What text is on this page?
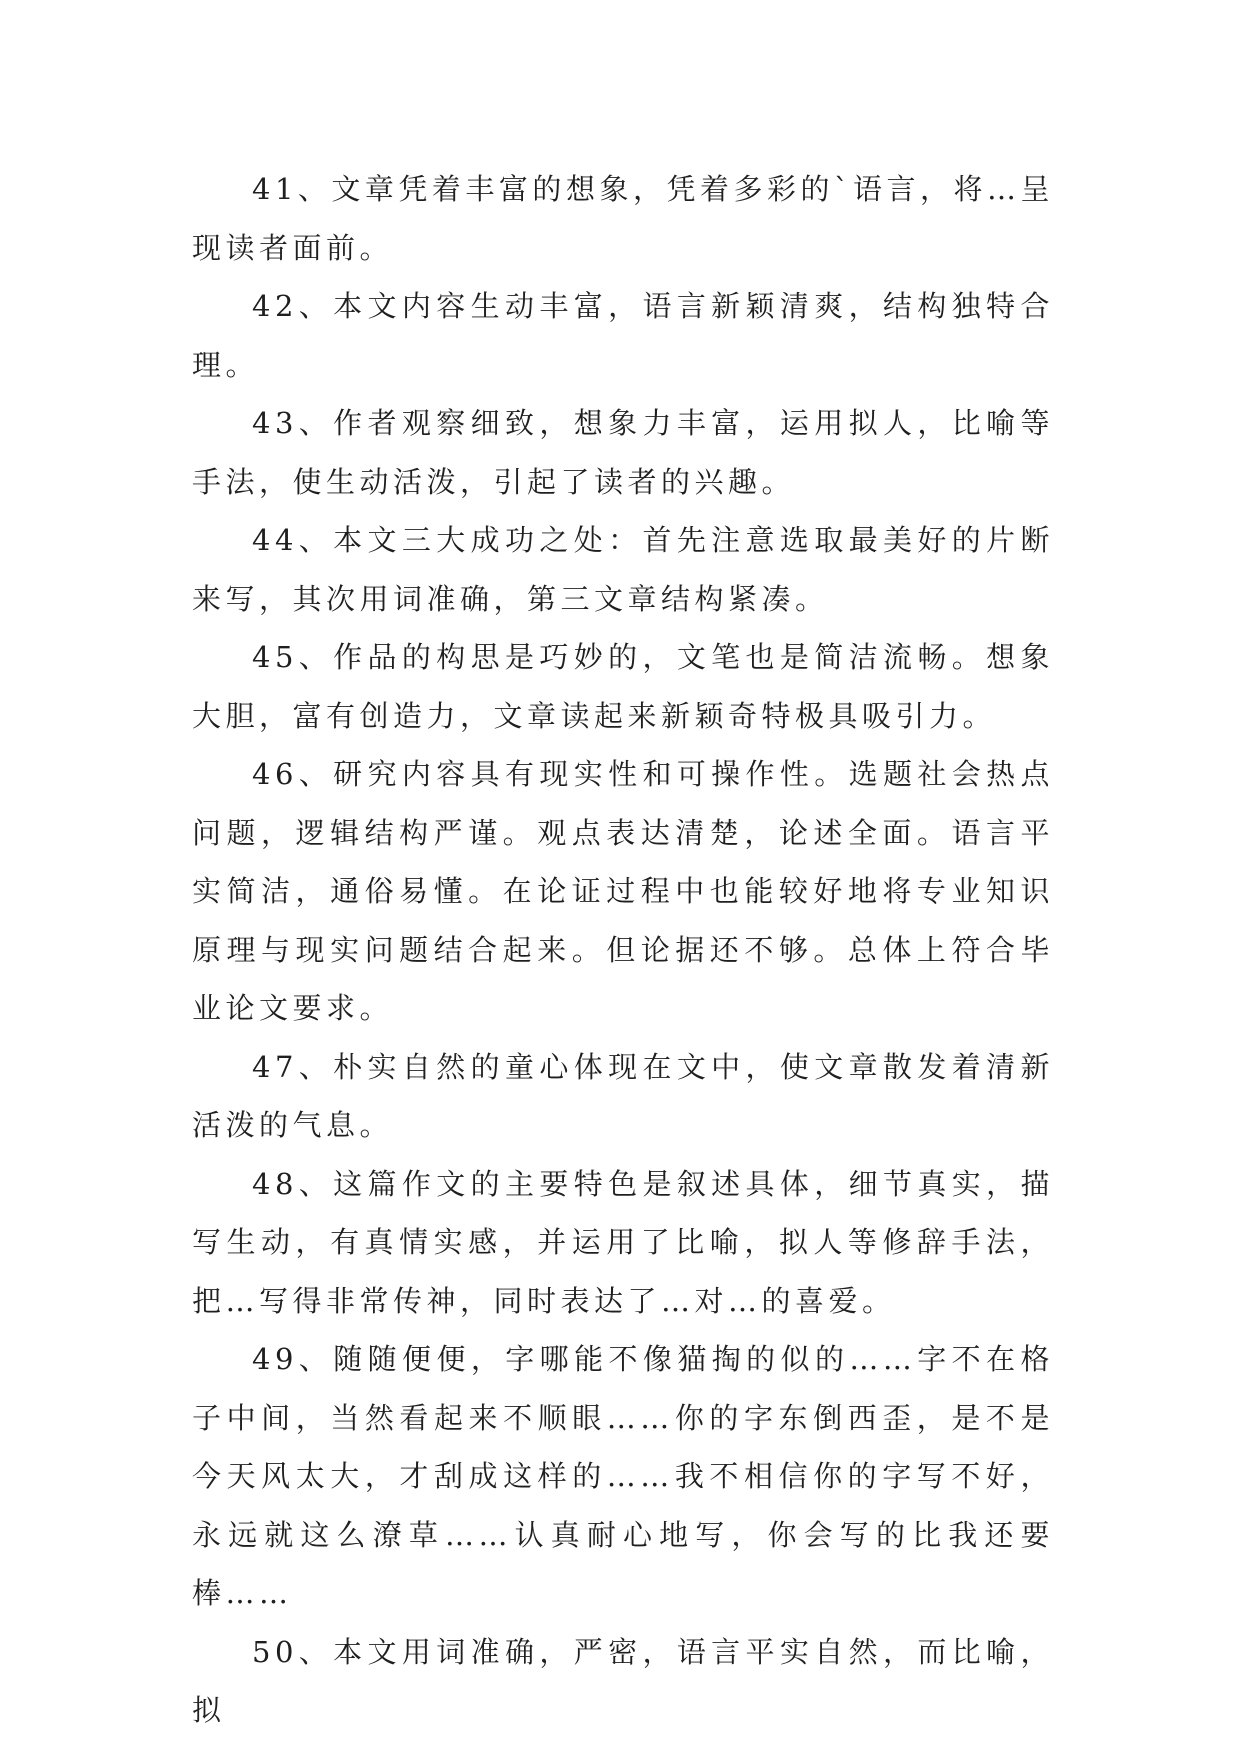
41、文章凭着丰富的想象，凭着多彩的`语言，将…呈现读者面前。

42、本文内容生动丰富，语言新颖清爽，结构独特合理。

43、作者观察细致，想象力丰富，运用拟人，比喻等手法，使生动活泼，引起了读者的兴趣。

44、本文三大成功之处：首先注意选取最美好的片断来写，其次用词准确，第三文章结构紧凑。

45、作品的构思是巧妙的，文笔也是简洁流畅。想象大胆，富有创造力，文章读起来新颖奇特极具吸引力。

46、研究内容具有现实性和可操作性。选题社会热点问题，逻辑结构严谨。观点表达清楚，论述全面。语言平实简洁，通俗易懂。在论证过程中也能较好地将专业知识原理与现实问题结合起来。但论据还不够。总体上符合毕业论文要求。

47、朴实自然的童心体现在文中，使文章散发着清新活泼的气息。

48、这篇作文的主要特色是叙述具体，细节真实，描写生动，有真情实感，并运用了比喻，拟人等修辞手法，把…写得非常传神，同时表达了…对…的喜爱。

49、随随便便，字哪能不像猫掏的似的……字不在格子中间，当然看起来不顺眼……你的字东倒西歪，是不是今天风太大，才刮成这样的……我不相信你的字写不好，永远就这么潦草……认真耐心地写，你会写的比我还要棒……

50、本文用词准确，严密，语言平实自然，而比喻，拟
